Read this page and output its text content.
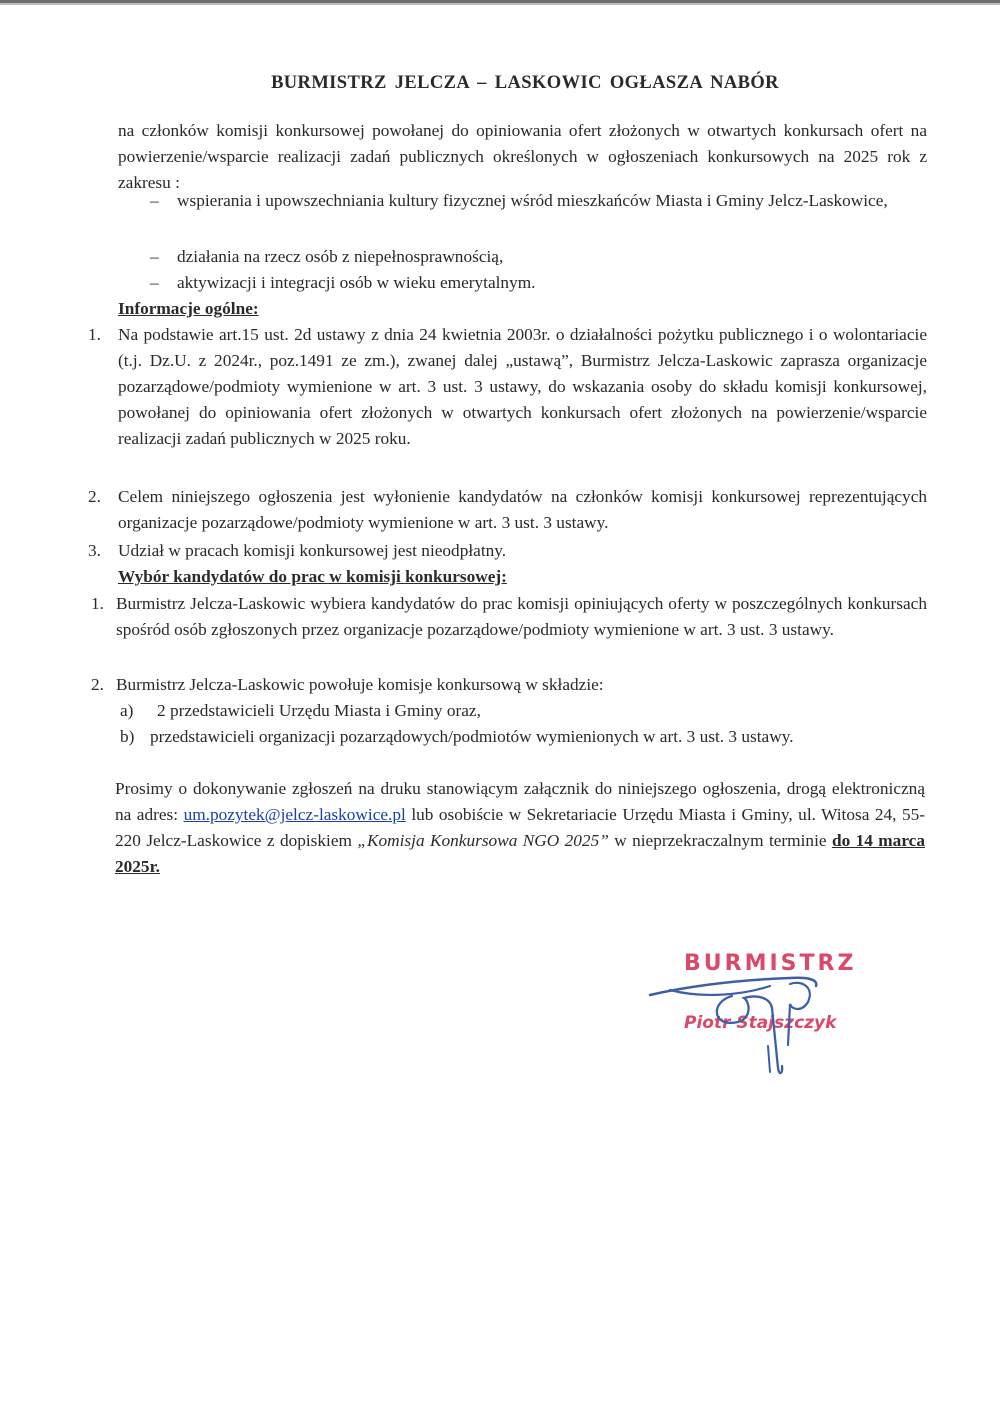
BURMISTRZ JELCZA – LASKOWIC OGŁASZA NABÓR
na członków komisji konkursowej powołanej do opiniowania ofert złożonych w otwartych konkursach ofert na powierzenie/wsparcie realizacji zadań publicznych określonych w ogłoszeniach konkursowych na 2025 rok z zakresu :
– wspierania i upowszechniania kultury fizycznej wśród mieszkańców Miasta i Gminy Jelcz-Laskowice,
– działania na rzecz osób z niepełnosprawnością,
– aktywizacji i integracji osób w wieku emerytalnym.
Informacje ogólne:
1. Na podstawie art.15 ust. 2d ustawy z dnia 24 kwietnia 2003r. o działalności pożytku publicznego i o wolontariacie (t.j. Dz.U. z 2024r., poz.1491 ze zm.), zwanej dalej „ustawą”, Burmistrz Jelcza-Laskowic zaprasza organizacje pozarządowe/podmioty wymienione w art. 3 ust. 3 ustawy, do wskazania osoby do składu komisji konkursowej, powołanej do opiniowania ofert złożonych w otwartych konkursach ofert złożonych na powierzenie/wsparcie realizacji zadań publicznych w 2025 roku.
2. Celem niniejszego ogłoszenia jest wyłonienie kandydatów na członków komisji konkursowej reprezentujących organizacje pozarządowe/podmioty wymienione w art. 3 ust. 3 ustawy.
3. Udział w pracach komisji konkursowej jest nieodpłatny.
Wybór kandydatów do prac w komisji konkursowej:
1. Burmistrz Jelcza-Laskowic wybiera kandydatów do prac komisji opiniujących oferty w poszczególnych konkursach spośród osób zgłoszonych przez organizacje pozarządowe/podmioty wymienione w art. 3 ust. 3 ustawy.
2. Burmistrz Jelcza-Laskowic powołuje komisje konkursową w składzie:
a) 2 przedstawicieli Urzędu Miasta i Gminy oraz,
b) przedstawicieli organizacji pozarządowych/podmiotów wymienionych w art. 3 ust. 3 ustawy.
Prosimy o dokonywanie zgłoszeń na druku stanowiącym załącznik do niniejszego ogłoszenia, drogą elektroniczną na adres: um.pozytek@jelcz-laskowice.pl lub osobiście w Sekretariacie Urzędu Miasta i Gminy, ul. Witosa 24, 55-220 Jelcz-Laskowice z dopiskiem „Komisja Konkursowa NGO 2025” w nieprzekraczalnym terminie do 14 marca 2025r.
BURMISTRZ
Piotr Stajszczyk
